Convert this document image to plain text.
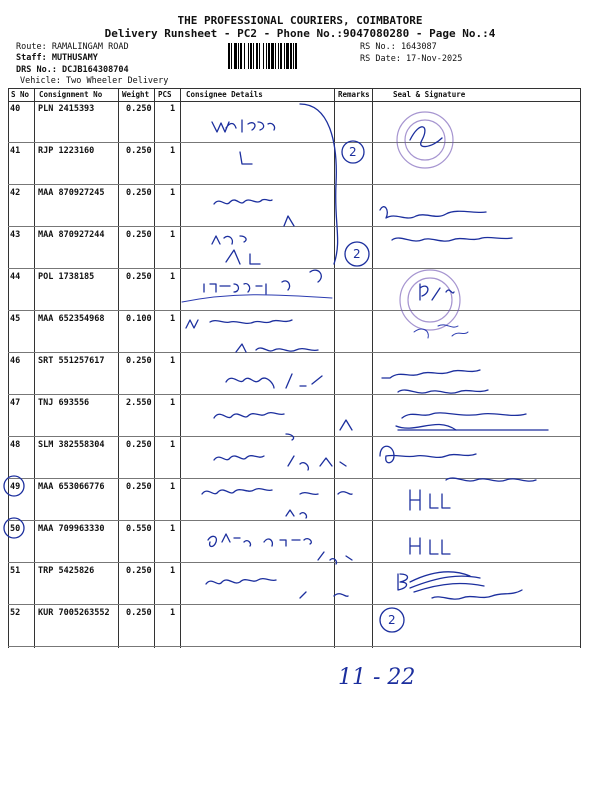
THE PROFESSIONAL COURIERS, COIMBATORE
Delivery Runsheet - PC2 - Phone No.:9047080280 - Page No.:4
Route: RAMALINGAM ROAD
Staff: MUTHUSAMY
DRS No.: DCJB164308704
Vehicle: Two Wheeler Delivery
RS No.: 1643087
RS Date: 17-Nov-2025
S No Consignment No	Weight PCS Consignee Details	Remarks	Seal & Signature
40 PLN 2415393	0.250 1
41 RJP 1223160	0.250 1
42 MAA 870927245	0.250 1
43 MAA 870927244	0.250 1
44 POL 1738185	0.250 1
45 MAA 652354968	0.100 1
46 SRT 551257617	0.250 1
47 TNJ 693556	2.550 1
48 SLM 382558304	0.250 1
49 MAA 653066776	0.250 1
50 MAA 709963330	0.550 1
51 TRP 5425826	0.250 1
52 KUR 7005263552 0.250 1
2
2
2
11 - 22
